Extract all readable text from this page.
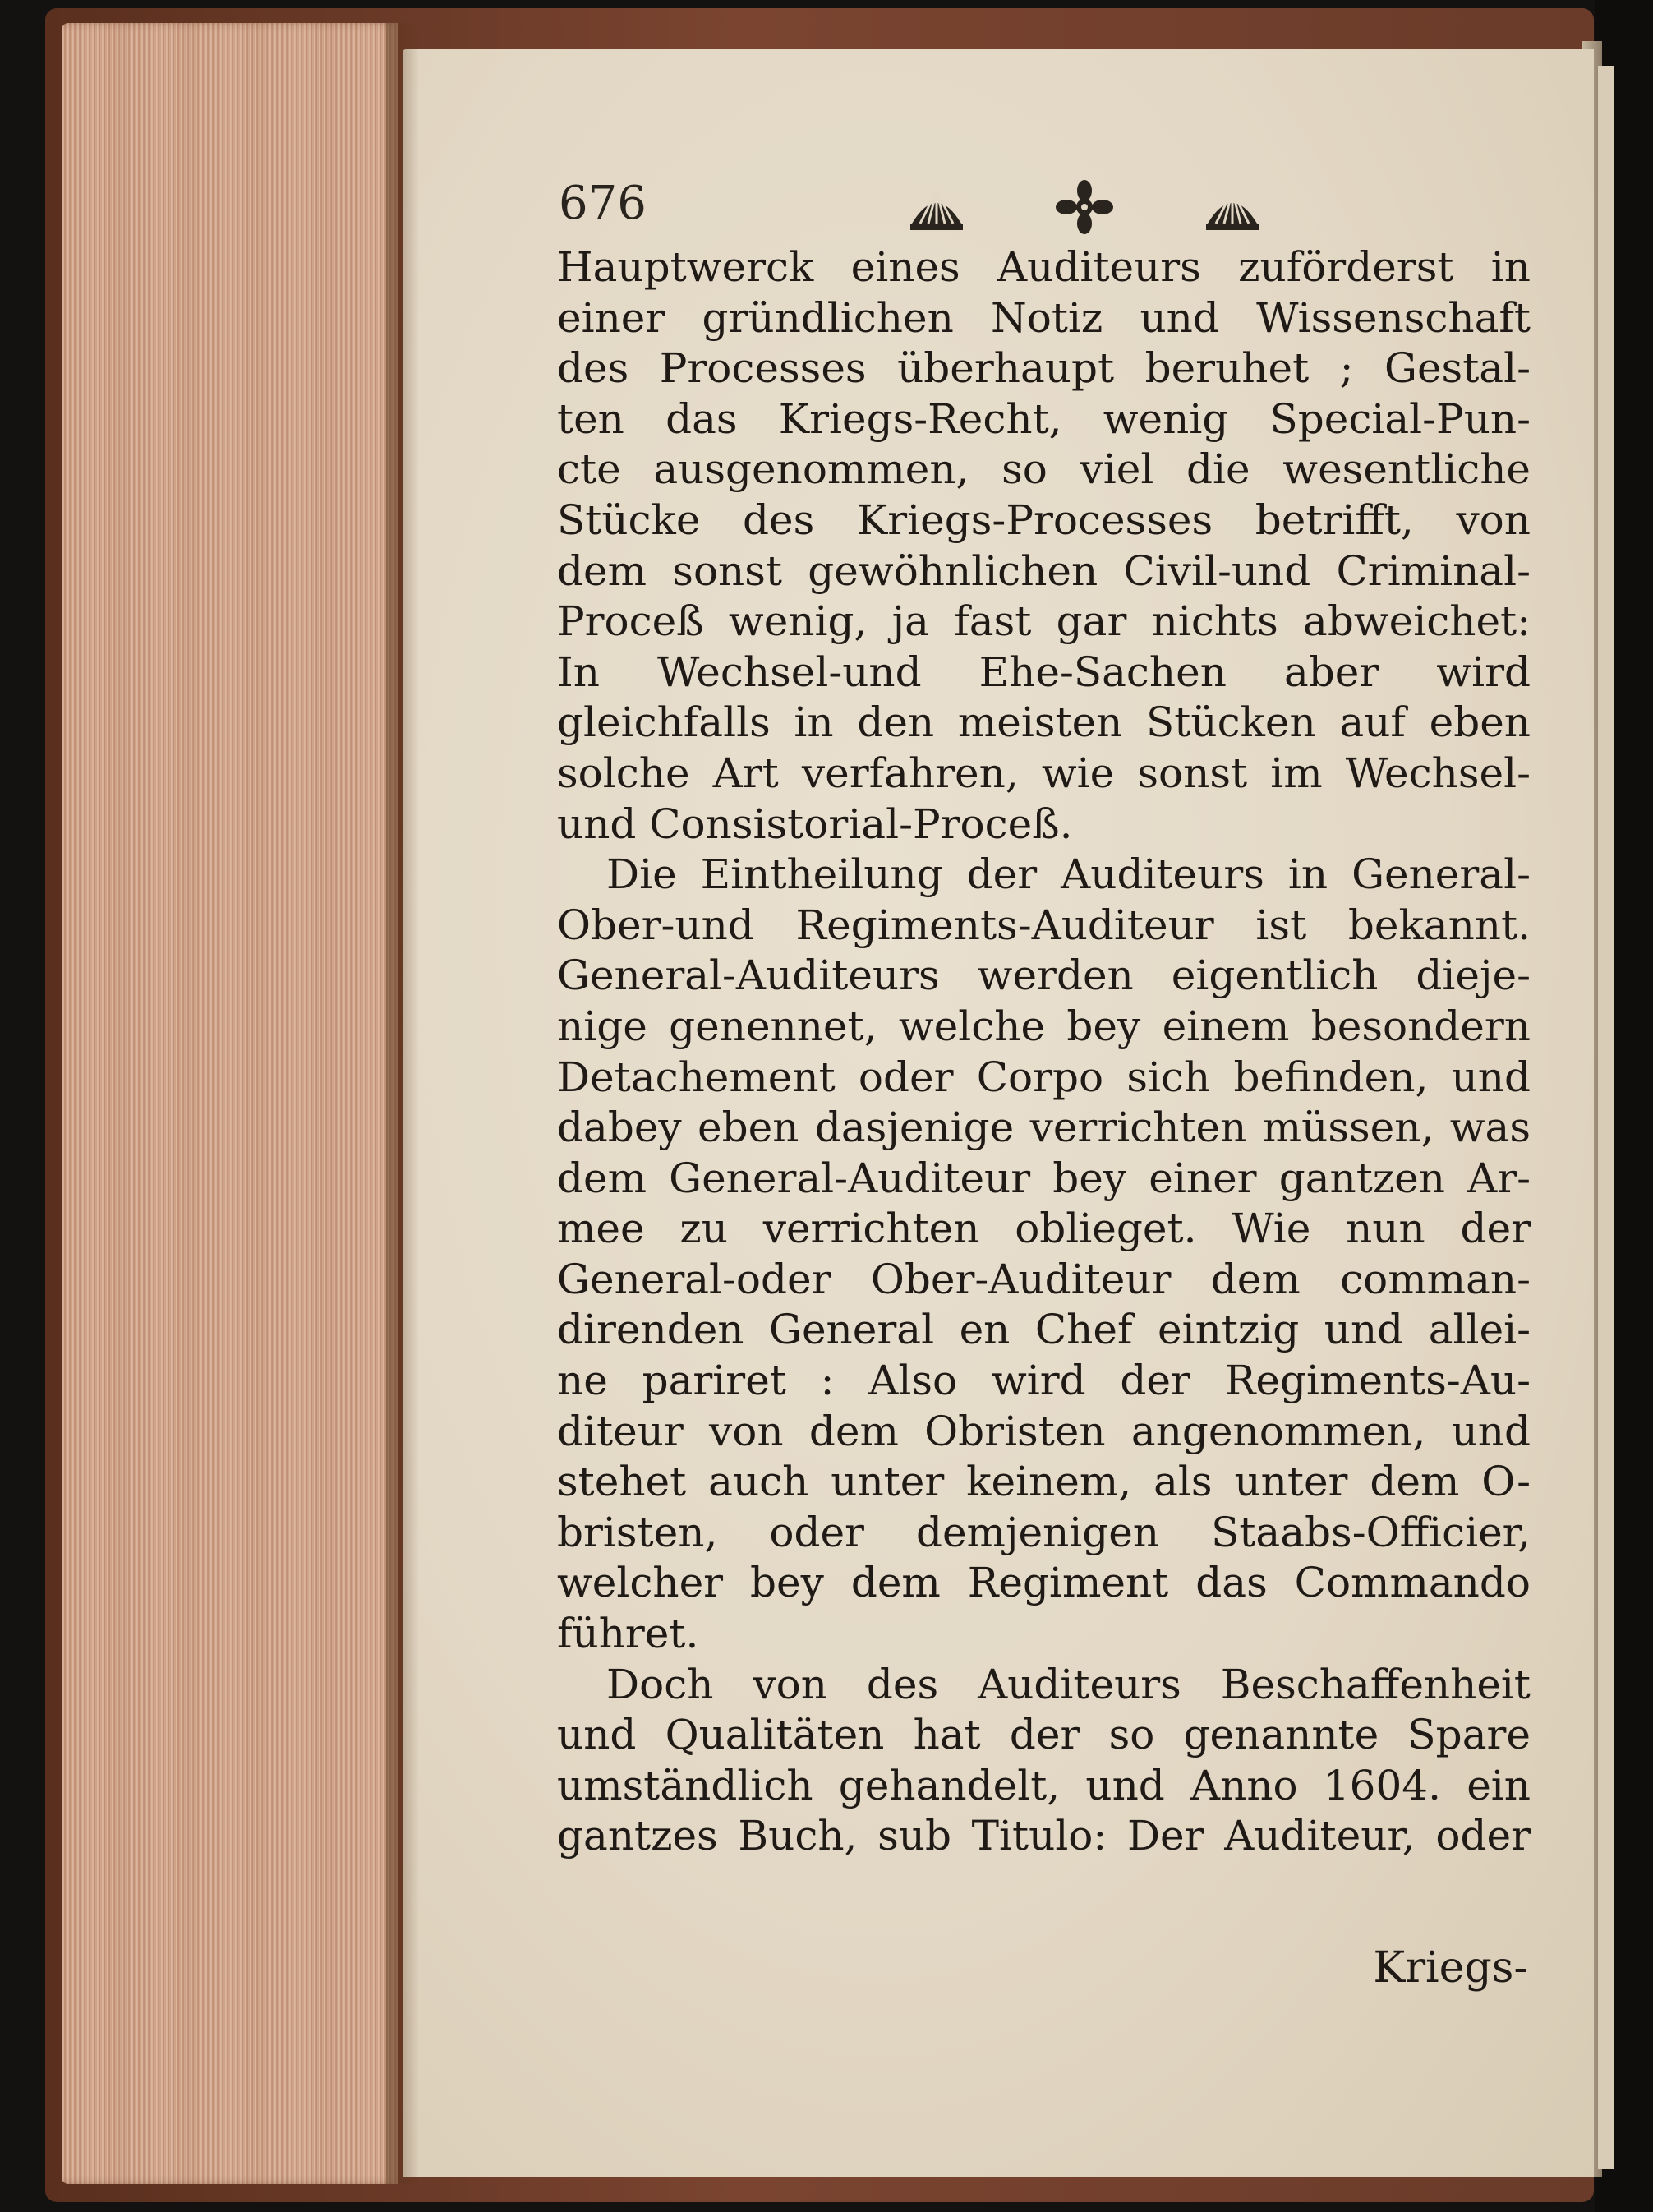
676
Hauptwerck eines Auditeurs zuförderst in
einer gründlichen Notiz und Wissenschaft
des Processes überhaupt beruhet ; Gestal-
ten das Kriegs-Recht, wenig Special-Pun-
cte ausgenommen, so viel die wesentliche
Stücke des Kriegs-Processes betrifft, von
dem sonst gewöhnlichen Civil-und Criminal-
Proceß wenig, ja fast gar nichts abweichet:
In Wechsel-und Ehe-Sachen aber wird
gleichfalls in den meisten Stücken auf eben
solche Art verfahren, wie sonst im Wechsel-
und Consistorial-Proceß.
Die Eintheilung der Auditeurs in General-
Ober-und Regiments-Auditeur ist bekannt.
General-Auditeurs werden eigentlich dieje-
nige genennet, welche bey einem besondern
Detachement oder Corpo sich befinden, und
dabey eben dasjenige verrichten müssen, was
dem General-Auditeur bey einer gantzen Ar-
mee zu verrichten oblieget. Wie nun der
General-oder Ober-Auditeur dem comman-
direnden General en Chef eintzig und allei-
ne pariret : Also wird der Regiments-Au-
diteur von dem Obristen angenommen, und
stehet auch unter keinem, als unter dem O-
bristen, oder demjenigen Staabs-Officier,
welcher bey dem Regiment das Commando
führet.
Doch von des Auditeurs Beschaffenheit
und Qualitäten hat der so genannte Spare
umständlich gehandelt, und Anno 1604. ein
gantzes Buch, sub Titulo: Der Auditeur, oder
Kriegs-
